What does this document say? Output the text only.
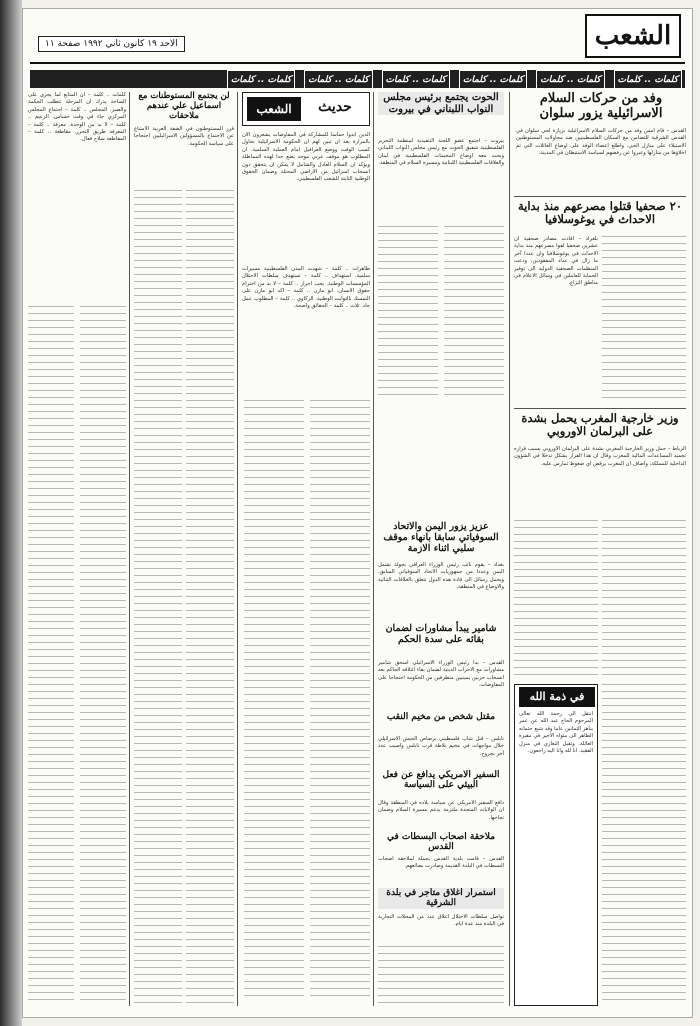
الاحد ١٩ كانون ثاني ١٩٩٢ صفحة ١١	الشعب
كلمات .. كلمات كلمات .. كلمات كلمات .. كلمات كلمات .. كلمات كلمات .. كلمات كلمات .. كلمات
وفد من حركات السلام الاسرائيلية يزور سلوان
القدس – قام امس وفد من حركات السلام الاسرائيلية بزيارة لحي سلوان في القدس الشرقية للتضامن مع السكان الفلسطينيين ضد محاولات المستوطنين الاستيلاء على منازل الحي. واطلع اعضاء الوفد على اوضاع العائلات التي تم اخلاؤها من منازلها وعبروا عن رفضهم لسياسة الاستيطان في المدينة.
٢٠ صحفيا قتلوا مصرعهم منذ بداية الاحداث في يوغوسلافيا
بلغراد – افادت مصادر صحفية ان عشرين صحفيا لقوا مصرعهم منذ بداية الاحداث في يوغوسلافيا وان عددا آخر ما زال في عداد المفقودين، ودعت المنظمات الصحفية الدولية الى توفير الحماية للعاملين في وسائل الاعلام في مناطق النزاع.
وزير خارجية المغرب يحمل بشدة على البرلمان الاوروبي
الرباط – حمل وزير الخارجية المغربي بشدة على البرلمان الاوروبي بسبب قراره تجميد المساعدات المالية للمغرب وقال ان هذا القرار يشكل تدخلا في الشؤون الداخلية للمملكة، واضاف ان المغرب يرفض اي ضغوط تمارس عليه.
في ذمة الله
انتقل الى رحمة الله تعالى المرحوم الحاج عبد الله عن عمر يناهز الثمانين عاما وقد شيع جثمانه الطاهر الى مثواه الاخير في مقبرة العائلة. وتقبل التعازي في منزل الفقيد. انا لله وانا اليه راجعون.
الحوت يجتمع برئيس مجلس النواب اللبناني في بيروت
بيروت – اجتمع عضو اللجنة التنفيذية لمنظمة التحرير الفلسطينية شفيق الحوت مع رئيس مجلس النواب اللبناني وبحث معه اوضاع المخيمات الفلسطينية في لبنان والعلاقات الفلسطينية اللبنانية ومسيرة السلام في المنطقة.
عزيز يزور اليمن والاتحاد السوفياتي سابقا بانهاء موقف سلبي اثناء الازمة
بغداد – يقوم نائب رئيس الوزراء العراقي بجولة تشمل اليمن وعددا من جمهوريات الاتحاد السوفياتي السابق، ويحمل رسائل الى قادة هذه الدول تتعلق بالعلاقات الثنائية والاوضاع في المنطقة.
شامير يبدأ مشاورات لضمان بقائه على سدة الحكم
القدس – بدأ رئيس الوزراء الاسرائيلي اسحق شامير مشاورات مع الاحزاب الدينية لضمان بقاء ائتلافه الحاكم بعد انسحاب حزبين يمينيين متطرفين من الحكومة احتجاجا على المفاوضات.
مقتل شخص من مخيم النقب
نابلس – قتل شاب فلسطيني برصاص الجيش الاسرائيلي خلال مواجهات في مخيم بلاطة قرب نابلس واصيب عدد آخر بجروح.
السفير الامريكي يدافع عن فعل البيئي على السياسة
دافع السفير الامريكي عن سياسة بلاده في المنطقة وقال ان الولايات المتحدة ملتزمة بدعم مسيرة السلام وضمان نجاحها.
ملاحقة اصحاب البسطات في القدس
القدس – قامت بلدية القدس بحملة لملاحقة اصحاب البسطات في البلدة القديمة وصادرت بضائعهم.
استمرار اغلاق متاجر في بلدة الشرقية
تواصل سلطات الاحتلال اغلاق عدد من المحلات التجارية في البلدة منذ عدة ايام.
الشعب	حديث
الذين ابدوا حماسا للمشاركة في المفاوضات يشعرون الآن بالمرارة بعد ان تبين لهم ان الحكومة الاسرائيلية تحاول كسب الوقت ووضع العراقيل امام العملية السلمية. ان المطلوب هو موقف عربي موحد يضع حدا لهذه المماطلة ويؤكد ان السلام العادل والشامل لا يمكن ان يتحقق دون انسحاب اسرائيل من الاراضي المحتلة وضمان الحقوق الوطنية الثابتة للشعب الفلسطيني.
ظاهرات .. كلمة – شهدت المدن الفلسطينية مسيرات سلمية. استهداف .. كلمة – تستهدف سلطات الاحتلال المؤسسات الوطنية. يجب احرار .. كلمة – لا بد من احترام حقوق الانسان. ابو مازن .. كلمة – اكد ابو مازن على التمسك بالثوابت الوطنية. الركاوي .. كلمة – المطلوب عمل جاد. ثلاث .. كلمة – الحقائق واضحة.
لن يجتمع المستوطنات مع اسماعيل علي عندهم ملاحقات
قرر المستوطنون في الضفة الغربية الامتناع عن الاجتماع بالمسؤولين الاسرائيليين احتجاجا على سياسة الحكومة.
كلمات .. كلمة – ان المتابع لما يجري على الساحة يدرك ان المرحلة تتطلب الحكمة والصبر. المجلس .. كلمة – اجتماع المجلس المركزي جاء في وقت حساس. الرعيم .. كلمة – لا بد من الوحدة. معرفة .. كلمة – المعرفة طريق التحرر. مقاطعة .. كلمة – المقاطعة سلاح فعال.
